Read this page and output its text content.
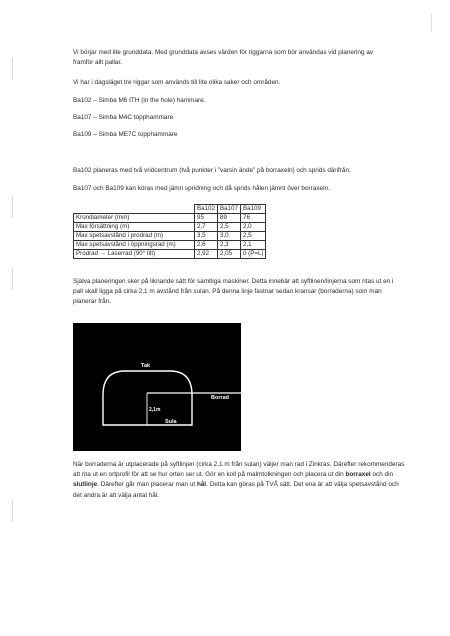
Vi börjar med lite grunddata. Med grunddata avses värden för riggarna som bör användas vid planering av framför allt pallar.

Vi har i dagsläget tre riggar som används till lite olika saker och områden.

Ba102 – Simba M6 ITH (in the hole) hammare.

Ba107 – Simba M4C topphammare

Ba109 – Simba ME7C topphammare

Ba102 planeras med två vridcentrum (två punkter i ”varsin ände” på borraxeln) och sprids därifrån.

Ba107 och Ba109 kan köras med jämn spridning och då sprids hålen jämnt över borraxeln.

	Ba102	Ba107	Ba109
Krondiameter (mm)	95	89	76
Max försättning (m)	2,7	2,5	2,0
Max spetsavstånd i prodrad (m)	3,5	3,0	2,5
Max spetsavstånd i öppningsrad (m)	2,6	2,3	2,1
Prodrad → Laserrad (90° tilt)	2,92	2,05	0 (P=L)

Själva planeringen sker på liknande sätt för samtliga maskiner. Detta innebär att syftlinen/linjerna som ritas ut en i pall skall ligga på cirka 2,1 m avstånd från sulan. På denna linje fastnar sedan kransar (borraderna) som man planerar från.

Tak
Borrad
2,1m
Sula

När borraderna är utplacerade på syftlinjen (cirka 2,1 m från sulan) väljer man rad i Zinkras. Därefter rekommenderas att rita ut en ortprofil för att se hur orten ser ut. Gör en koll på malmtolkningen och placera ut din borraxel och din slutlinje. Därefter går man placerar man ut hål. Detta kan göras på TVÅ sätt. Det ena är att välja spetsavstånd och det andra är att välja antal hål.
